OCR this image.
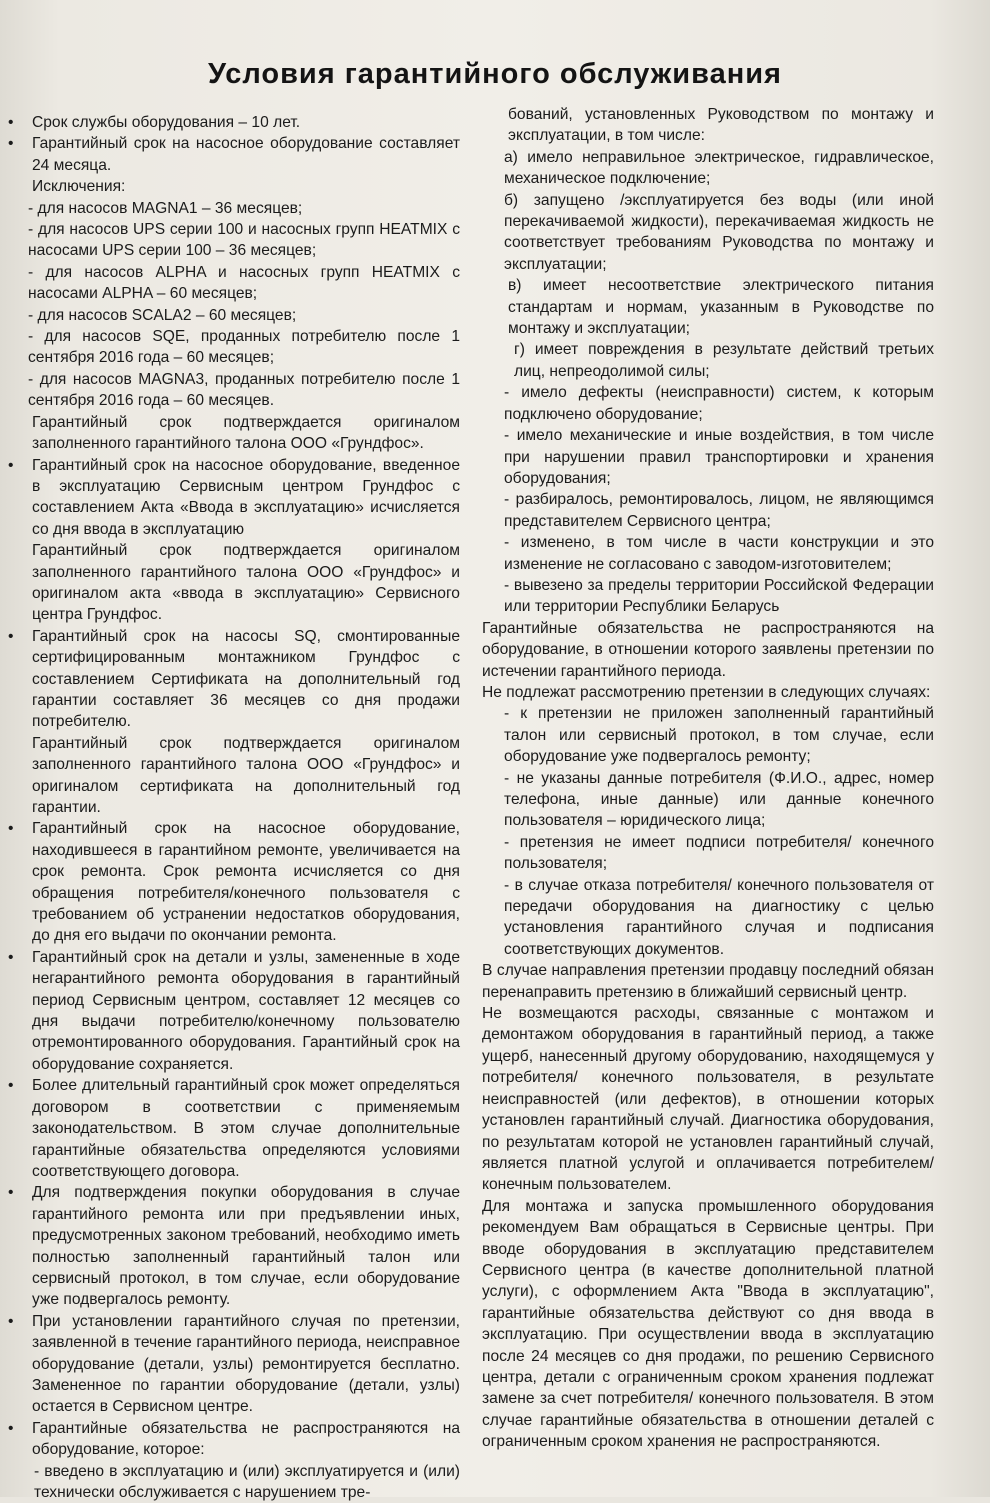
Условия гарантийного обслуживания

• Срок службы оборудования – 10 лет.

• Гарантийный срок на насосное оборудование составляет 24 месяца.

Исключения:

- для насосов MAGNA1 – 36 месяцев;

- для насосов UPS серии 100 и насосных групп HEATMIX с насосами UPS серии 100 – 36 месяцев;

- для насосов ALPHA и насосных групп HEATMIX с насосами ALPHA – 60 месяцев;

- для насосов SCALA2 – 60 месяцев;

- для насосов SQE, проданных потребителю после 1 сентября 2016 года – 60 месяцев;

- для насосов MAGNA3, проданных потребителю после 1 сентября 2016 года – 60 месяцев.

Гарантийный срок подтверждается оригиналом заполненного гарантийного талона ООО «Грундфос».

• Гарантийный срок на насосное оборудование, введенное в эксплуатацию Сервисным центром Грундфос с составлением Акта «Ввода в эксплуатацию» исчисляется со дня ввода в эксплуатацию

Гарантийный срок подтверждается оригиналом заполненного гарантийного талона ООО «Грундфос» и оригиналом акта «ввода в эксплуатацию» Сервисного центра Грундфос.

• Гарантийный срок на насосы SQ, смонтированные сертифицированным монтажником Грундфос с составлением Сертификата на дополнительный год гарантии составляет 36 месяцев со дня продажи потребителю.

Гарантийный срок подтверждается оригиналом заполненного гарантийного талона ООО «Грундфос» и оригиналом сертификата на дополнительный год гарантии.

• Гарантийный срок на насосное оборудование, находившееся в гарантийном ремонте, увеличивается на срок ремонта. Срок ремонта исчисляется со дня обращения потребителя/конечного пользователя с требованием об устранении недостатков оборудования, до дня его выдачи по окончании ремонта.

• Гарантийный срок на детали и узлы, замененные в ходе негарантийного ремонта оборудования в гарантийный период Сервисным центром, составляет 12 месяцев со дня выдачи потребителю/конечному пользователю отремонтированного оборудования. Гарантийный срок на оборудование сохраняется.

• Более длительный гарантийный срок может определяться договором в соответствии с применяемым законодательством. В этом случае дополнительные гарантийные обязательства определяются условиями соответствующего договора.

• Для подтверждения покупки оборудования в случае гарантийного ремонта или при предъявлении иных, предусмотренных законом требований, необходимо иметь полностью заполненный гарантийный талон или сервисный протокол, в том случае, если оборудование уже подвергалось ремонту.

• При установлении гарантийного случая по претензии, заявленной в течение гарантийного периода, неисправное оборудование (детали, узлы) ремонтируется бесплатно. Замененное по гарантии оборудование (детали, узлы) остается в Сервисном центре.

• Гарантийные обязательства не распространяются на оборудование, которое:

- введено в эксплуатацию и (или) эксплуатируется и (или) технически обслуживается с нарушением тре-

бований, установленных Руководством по монтажу и эксплуатации, в том числе:

а) имело неправильное электрическое, гидравлическое, механическое подключение;

б) запущено /эксплуатируется без воды (или иной перекачиваемой жидкости), перекачиваемая жидкость не соответствует требованиям Руководства по монтажу и эксплуатации;

в) имеет несоответствие электрического питания стандартам и нормам, указанным в Руководстве по монтажу и эксплуатации;

г) имеет повреждения в результате действий третьих лиц, непреодолимой силы;

- имело дефекты (неисправности) систем, к которым подключено оборудование;

- имело механические и иные воздействия, в том числе при нарушении правил транспортировки и хранения оборудования;

- разбиралось, ремонтировалось, лицом, не являющимся представителем Сервисного центра;

- изменено, в том числе в части конструкции и это изменение не согласовано с заводом-изготовителем;

- вывезено за пределы территории Российской Федерации или территории Республики Беларусь

Гарантийные обязательства не распространяются на оборудование, в отношении которого заявлены претензии по истечении гарантийного периода.

Не подлежат рассмотрению претензии в следующих случаях:

- к претензии не приложен заполненный гарантийный талон или сервисный протокол, в том случае, если оборудование уже подвергалось ремонту;

- не указаны данные потребителя (Ф.И.О., адрес, номер телефона, иные данные) или данные конечного пользователя – юридического лица;

- претензия не имеет подписи потребителя/ конечного пользователя;

- в случае отказа потребителя/ конечного пользователя от передачи оборудования на диагностику с целью установления гарантийного случая и подписания соответствующих документов.

В случае направления претензии продавцу последний обязан перенаправить претензию в ближайший сервисный центр.

Не возмещаются расходы, связанные с монтажом и демонтажом оборудования в гарантийный период, а также ущерб, нанесенный другому оборудованию, находящемуся у потребителя/ конечного пользователя, в результате неисправностей (или дефектов), в отношении которых установлен гарантийный случай. Диагностика оборудования, по результатам которой не установлен гарантийный случай, является платной услугой и оплачивается потребителем/конечным пользователем.

Для монтажа и запуска промышленного оборудования рекомендуем Вам обращаться в Сервисные центры. При вводе оборудования в эксплуатацию представителем Сервисного центра (в качестве дополнительной платной услуги), с оформлением Акта "Ввода в эксплуатацию", гарантийные обязательства действуют со дня ввода в эксплуатацию. При осуществлении ввода в эксплуатацию после 24 месяцев со дня продажи, по решению Сервисного центра, детали с ограниченным сроком хранения подлежат замене за счет потребителя/ конечного пользователя. В этом случае гарантийные обязательства в отношении деталей с ограниченным сроком хранения не распространяются.
